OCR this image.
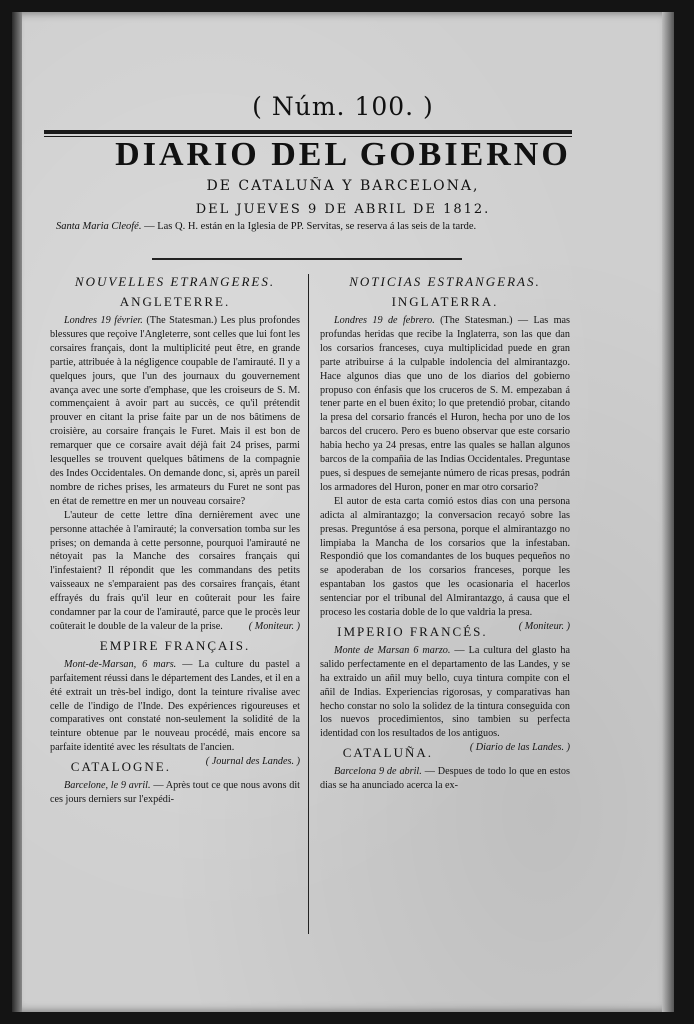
( Núm. 100. )
DIARIO DEL GOBIERNO
DE CATALUÑA Y BARCELONA,
DEL JUEVES 9 DE ABRIL DE 1812.
Santa Maria Cleofé. — Las Q. H. están en la Iglesia de PP. Servitas, se reserva á las seis de la tarde.
NOUVELLES ETRANGERES.
ANGLETERRE.

Londres 19 février. (The Statesman.) Les plus profondes blessures que reçoive l'Angleterre, sont celles que lui font les corsaires français, dont la multiplicité peut être, en grande partie, attribuée à la négligence coupable de l'amirauté. Il y a quelques jours, que l'un des journaux du gouvernement avança avec une sorte d'emphase, que les croiseurs de S. M. commençaient à avoir part au succès, ce qu'il prétendit prouver en citant la prise faite par un de nos bâtimens de croisière, au corsaire français le Furet. Mais il est bon de remarquer que ce corsaire avait déjà fait 24 prises, parmi lesquelles se trouvent quelques bâtimens de la compagnie des Indes Occidentales. On demande donc, si, après un pareil nombre de riches prises, les armateurs du Furet ne sont pas en état de remettre en mer un nouveau corsaire?

L'auteur de cette lettre dîna dernièrement avec une personne attachée à l'amirauté; la conversation tomba sur les prises; on demanda à cette personne, pourquoi l'amirauté ne nétoyait pas la Manche des corsaires français qui l'infestaient? Il répondit que les commandans des petits vaisseaux ne s'emparaient pas des corsaires français, étant effrayés du frais qu'il leur en coûterait pour les faire condamner par la cour de l'amirauté, parce que le procès leur coûterait le double de la valeur de la prise.	( Moniteur. )

EMPIRE FRANÇAIS.

Mont-de-Marsan, 6 mars. — La culture du pastel a parfaitement réussi dans le département des Landes, et il en a été extrait un très-bel indigo, dont la teinture rivalise avec celle de l'indigo de l'Inde. Des expériences rigoureuses et comparatives ont constaté non-seulement la solidité de la teinture obtenue par le nouveau procédé, mais encore sa parfaite identité avec les résultats de l'ancien.
( Journal des Landes. )

CATALOGNE.

Barcelone, le 9 avril. — Après tout ce que nous avons dit ces jours derniers sur l'expédi-

NOTICIAS ESTRANGERAS.
INGLATERRA.

Londres 19 de febrero. (The Statesman.) — Las mas profundas heridas que recibe la Inglaterra, son las que dan los corsarios franceses, cuya multiplicidad puede en gran parte atribuirse á la culpable indolencia del almirantazgo. Hace algunos dias que uno de los diarios del gobierno propuso con énfasis que los cruceros de S. M. empezaban á tener parte en el buen éxito; lo que pretendió probar, citando la presa del corsario francés el Huron, hecha por uno de los barcos del crucero. Pero es bueno observar que este corsario habia hecho ya 24 presas, entre las quales se hallan algunos barcos de la compañia de las Indias Occidentales. Preguntase pues, si despues de semejante número de ricas presas, podrán los armadores del Huron, poner en mar otro corsario?

El autor de esta carta comió estos dias con una persona adicta al almirantazgo; la conversacion recayó sobre las presas. Preguntóse á esa persona, porque el almirantazgo no limpiaba la Mancha de los corsarios que la infestaban. Respondió que los comandantes de los buques pequeños no se apoderaban de los corsarios franceses, porque les espantaban los gastos que les ocasionaria el hacerlos sentenciar por el tribunal del Almirantazgo, á causa que el proceso les costaria doble de lo que valdria la presa.
( Moniteur. )

IMPERIO FRANCÉS.

Monte de Marsan 6 marzo. — La cultura del glasto ha salido perfectamente en el departamento de las Landes, y se ha extraido un añil muy bello, cuya tintura compite con el añil de Indias. Experiencias rigorosas, y comparativas han hecho constar no solo la solidez de la tintura conseguida con los nuevos procedimientos, sino tambien su perfecta identidad con los resultados de los antiguos.
( Diario de las Landes. )

CATALUÑA.

Barcelona 9 de abril. — Despues de todo lo que en estos dias se ha anunciado acerca la ex-
